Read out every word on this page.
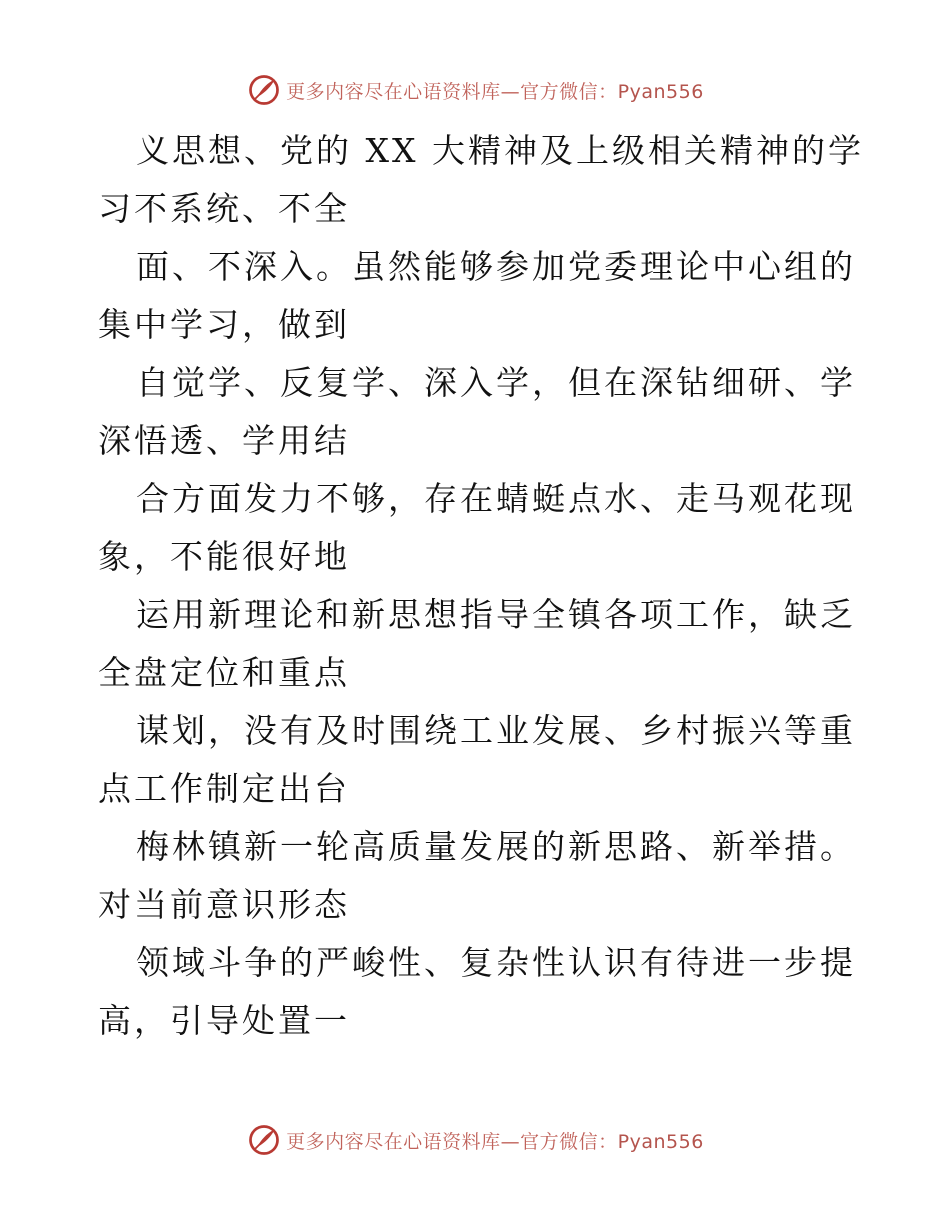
更多内容尽在心语资料库—官方微信：Pyan556

义思想、党的 XX 大精神及上级相关精神的学习不系统、不全

面、不深入。虽然能够参加党委理论中心组的集中学习，做到

自觉学、反复学、深入学，但在深钻细研、学深悟透、学用结

合方面发力不够，存在蜻蜓点水、走马观花现象，不能很好地

运用新理论和新思想指导全镇各项工作，缺乏全盘定位和重点

谋划，没有及时围绕工业发展、乡村振兴等重点工作制定出台

梅林镇新一轮高质量发展的新思路、新举措。对当前意识形态

领域斗争的严峻性、复杂性认识有待进一步提高，引导处置一

更多内容尽在心语资料库—官方微信：Pyan556
